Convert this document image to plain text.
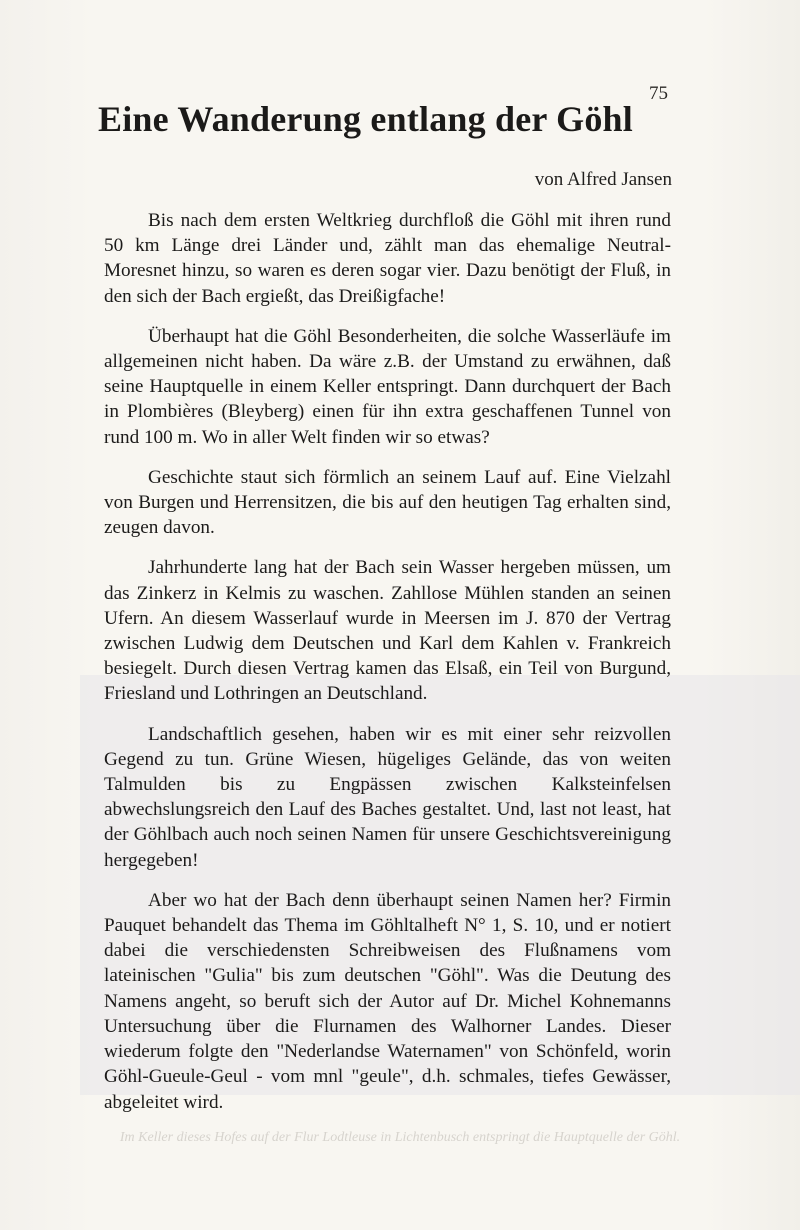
Im Keller dieses Hofes auf der Flur Lodtleuse in Lichtenbusch entspringt die Hauptquelle der Göhl.
75
Eine Wanderung entlang der Göhl
von Alfred Jansen

Bis nach dem ersten Weltkrieg durchfloß die Göhl mit ihren rund 50 km Länge drei Länder und, zählt man das ehemalige Neutral-Moresnet hinzu, so waren es deren sogar vier. Dazu benötigt der Fluß, in den sich der Bach ergießt, das Dreißigfache!

Überhaupt hat die Göhl Besonderheiten, die solche Wasserläufe im allgemeinen nicht haben. Da wäre z.B. der Umstand zu erwähnen, daß seine Hauptquelle in einem Keller entspringt. Dann durchquert der Bach in Plombières (Bleyberg) einen für ihn extra geschaffenen Tunnel von rund 100 m. Wo in aller Welt finden wir so etwas?

Geschichte staut sich förmlich an seinem Lauf auf. Eine Vielzahl von Burgen und Herrensitzen, die bis auf den heutigen Tag erhalten sind, zeugen davon.

Jahrhunderte lang hat der Bach sein Wasser hergeben müssen, um das Zinkerz in Kelmis zu waschen. Zahllose Mühlen standen an seinen Ufern. An diesem Wasserlauf wurde in Meersen im J. 870 der Vertrag zwischen Ludwig dem Deutschen und Karl dem Kahlen v. Frankreich besiegelt. Durch diesen Vertrag kamen das Elsaß, ein Teil von Burgund, Friesland und Lothringen an Deutschland.

Landschaftlich gesehen, haben wir es mit einer sehr reizvollen Gegend zu tun. Grüne Wiesen, hügeliges Gelände, das von weiten Talmulden bis zu Engpässen zwischen Kalksteinfelsen abwechslungsreich den Lauf des Baches gestaltet. Und, last not least, hat der Göhlbach auch noch seinen Namen für unsere Geschichtsvereinigung hergegeben!

Aber wo hat der Bach denn überhaupt seinen Namen her? Firmin Pauquet behandelt das Thema im Göhltalheft N° 1, S. 10, und er notiert dabei die verschiedensten Schreibweisen des Flußnamens vom lateinischen "Gulia" bis zum deutschen "Göhl". Was die Deutung des Namens angeht, so beruft sich der Autor auf Dr. Michel Kohnemanns Untersuchung über die Flurnamen des Walhorner Landes. Dieser wiederum folgte den "Nederlandse Waternamen" von Schönfeld, worin Göhl-Gueule-Geul - vom mnl "geule", d.h. schmales, tiefes Gewässer, abgeleitet wird.
